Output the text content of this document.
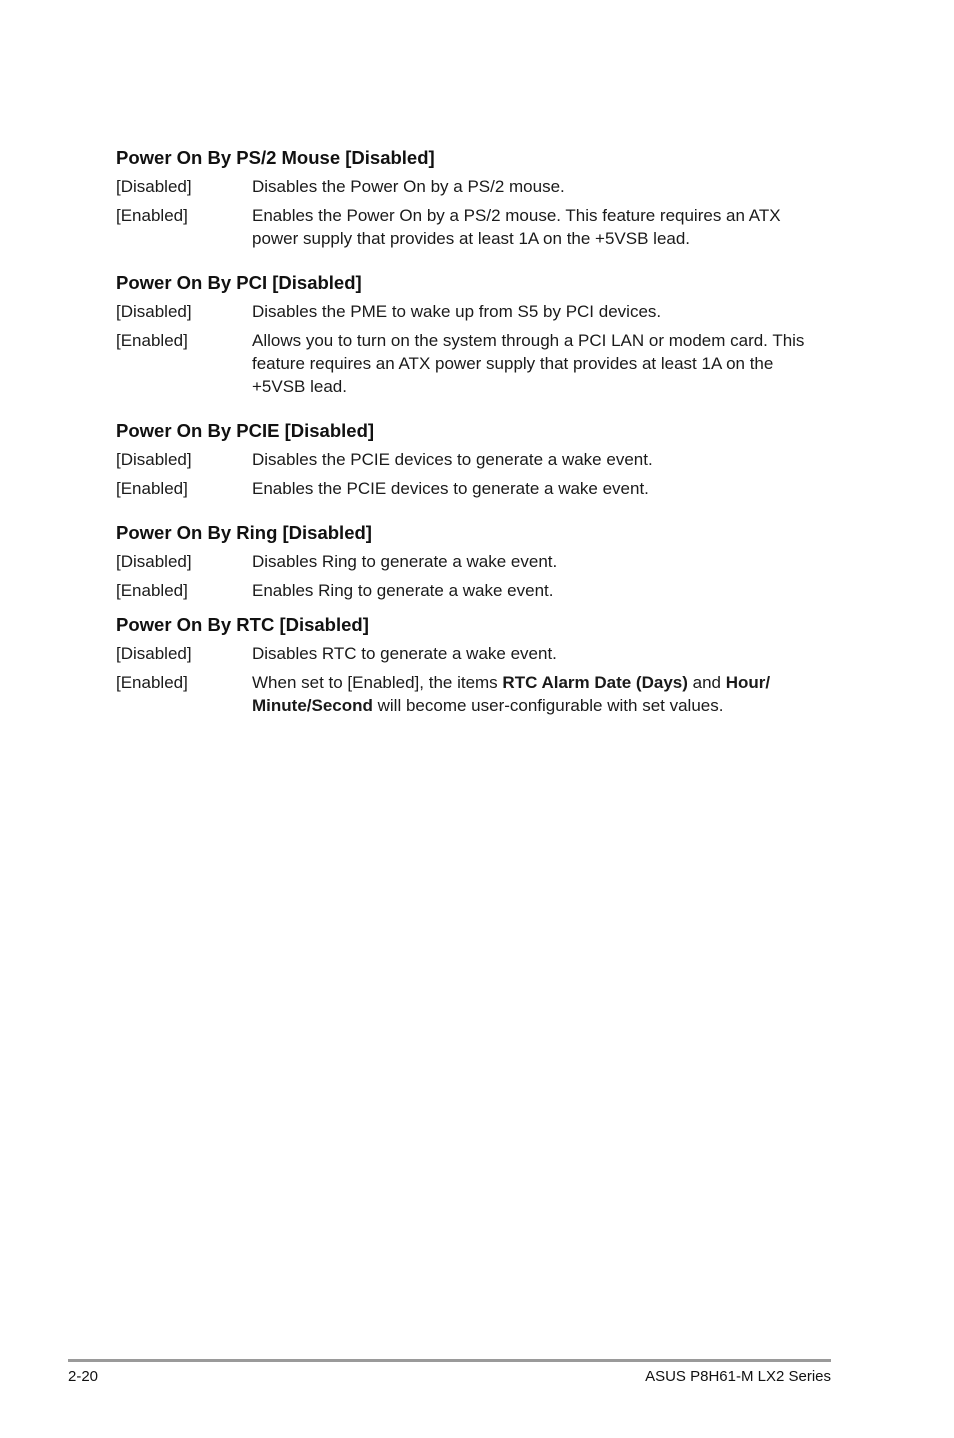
Power On By PS/2 Mouse [Disabled]
[Disabled]	Disables the Power On by a PS/2 mouse.
[Enabled]	Enables the Power On by a PS/2 mouse. This feature requires an ATX power supply that provides at least 1A on the +5VSB lead.
Power On By PCI [Disabled]
[Disabled]	Disables the PME to wake up from S5 by PCI devices.
[Enabled]	Allows you to turn on the system through a PCI LAN or modem card. This feature requires an ATX power supply that provides at least 1A on the +5VSB lead.
Power On By PCIE [Disabled]
[Disabled]	Disables the PCIE devices to generate a wake event.
[Enabled]	Enables the PCIE devices to generate a wake event.
Power On By Ring [Disabled]
[Disabled]	Disables Ring to generate a wake event.
[Enabled]	Enables Ring to generate a wake event.
Power On By RTC [Disabled]
[Disabled]	Disables RTC to generate a wake event.
[Enabled]	When set to [Enabled], the items RTC Alarm Date (Days) and Hour/ Minute/Second will become user-configurable with set values.
2-20	ASUS P8H61-M LX2 Series
